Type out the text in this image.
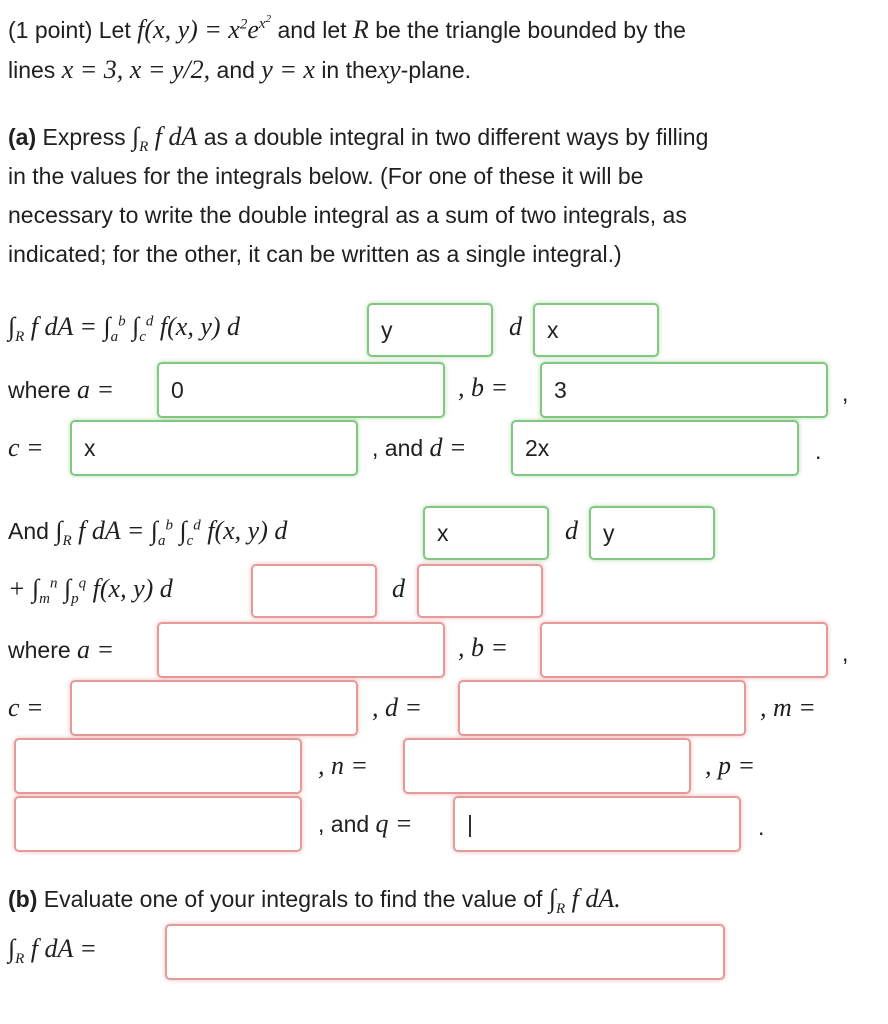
(1 point) Let f(x, $y) = x^2e^{x^2}$ and let R be the triangle bounded by the
lines x = 3, x = y/2, and y = x in thexy-plane.
(a) Express $\int_R$ f dA as a double integral in two different ways by filling
in the values for the integrals below. (For one of these it will be
necessary to write the double integral as a sum of two integrals, as
indicated; for the other, it can be written as a single integral.)
$\int_R$ f dA = $\int_a^b$ $\int_c^d$ f(x, y) d	y	d	x
where a =	0	, b =	3	,
c =	x	, and d =	2x	.
And $\int_R$ f dA = $\int_a^b$ $\int_c^d$ f(x, y) d	x	d	y
+ $\int_m^n$ $\int_p^q$ f(x, y) d	d
where a =	, b =	,
c =	, d =	, m =
, n =	, p =
, and q = |	.
(b) Evaluate one of your integrals to find the value of $\int_R$ f dA.
$\int_R$ f dA =
